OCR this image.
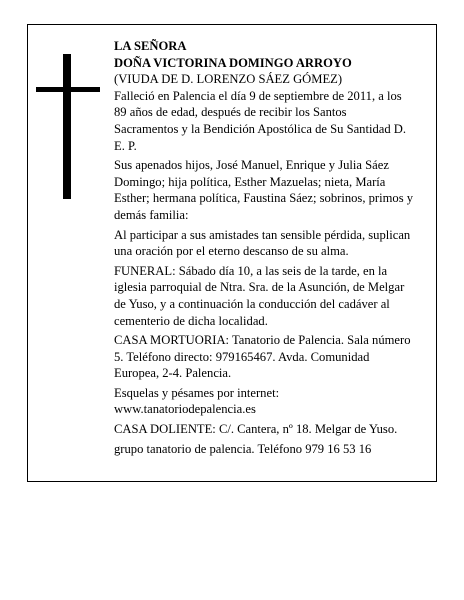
LA SEÑORA

DOÑA VICTORINA DOMINGO ARROYO

(VIUDA DE D. LORENZO SÁEZ GÓMEZ)

Falleció en Palencia el día 9 de septiembre de 2011, a los 89 años de edad, después de recibir los Santos Sacramentos y la Bendición Apostólica de Su Santidad D. E. P.

Sus apenados hijos, José Manuel, Enrique y Julia Sáez Domingo; hija política, Esther Mazuelas; nieta, María Esther; hermana política, Faustina Sáez; sobrinos, primos y demás familia:

Al participar a sus amistades tan sensible pérdida, suplican una oración por el eterno descanso de su alma.

FUNERAL: Sábado día 10, a las seis de la tarde, en la iglesia parroquial de Ntra. Sra. de la Asunción, de Melgar de Yuso, y a continuación la conducción del cadáver al cementerio de dicha localidad.

CASA MORTUORIA: Tanatorio de Palencia. Sala número 5. Teléfono directo: 979165467. Avda. Comunidad Europea, 2-4. Palencia.

Esquelas y pésames por internet: www.tanatoriodepalencia.es

CASA DOLIENTE: C/. Cantera, nº 18. Melgar de Yuso.

grupo tanatorio de palencia. Teléfono 979 16 53 16
